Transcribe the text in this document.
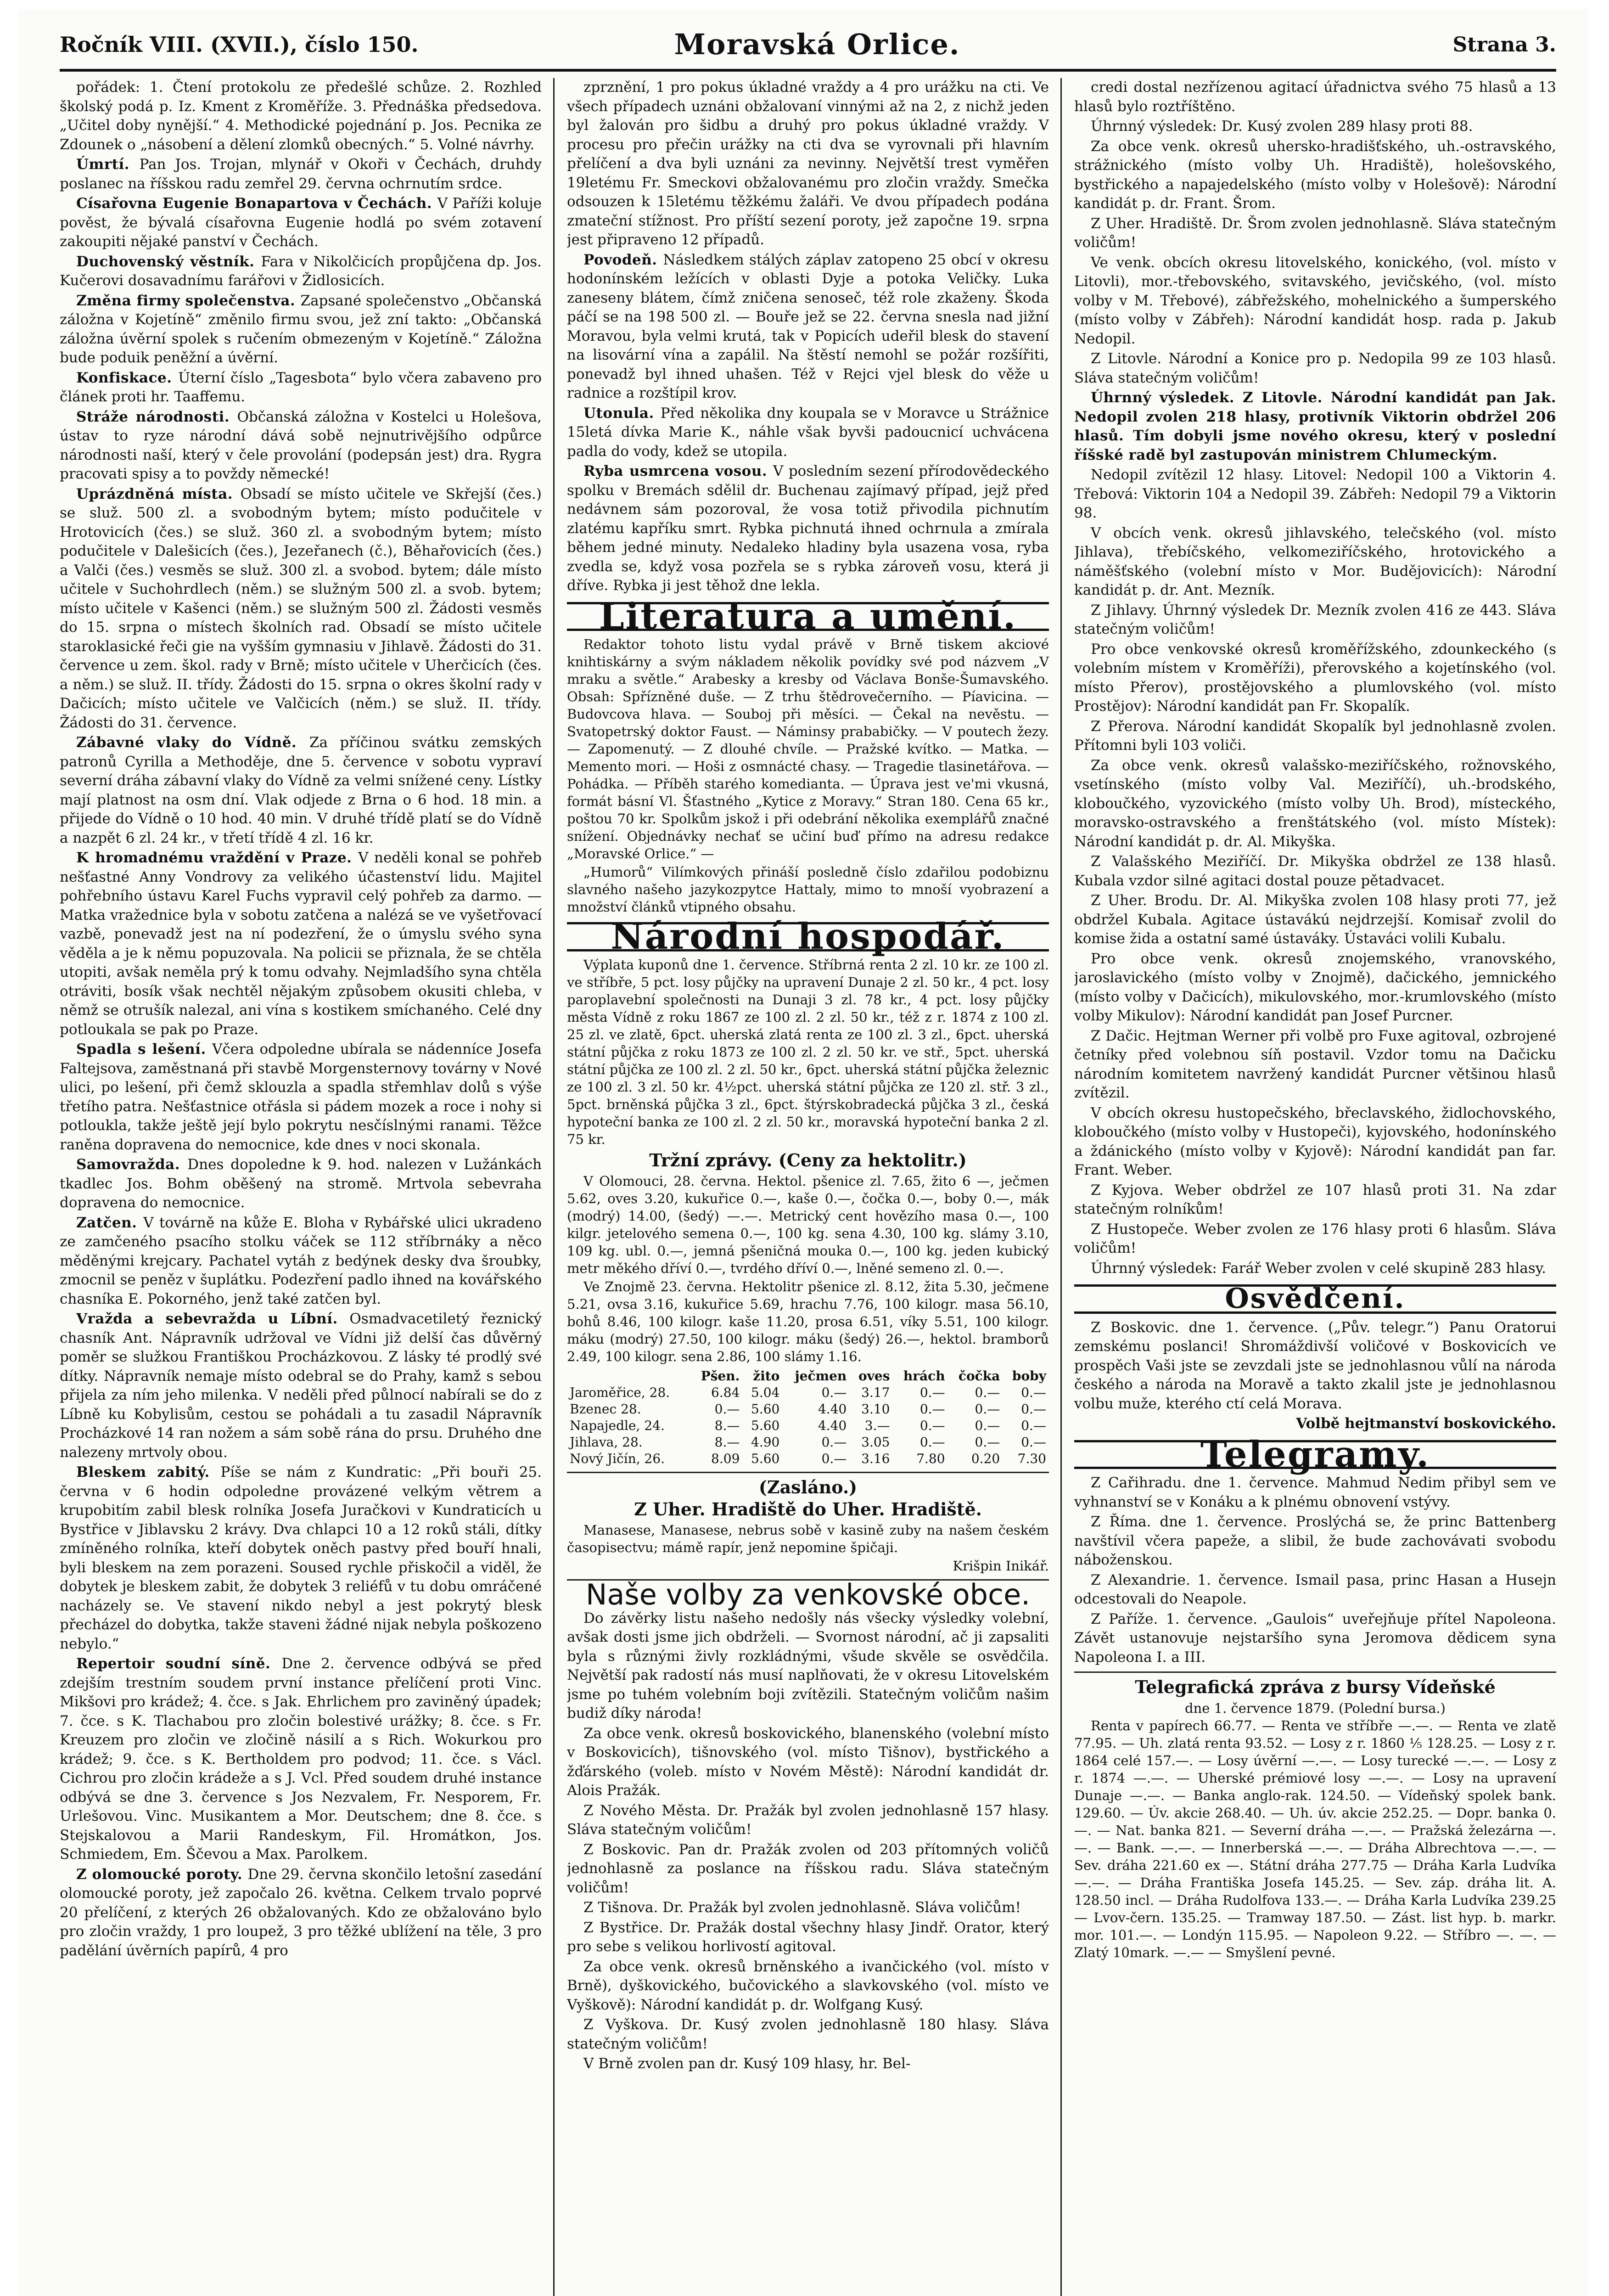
Ročník VIII. (XVII.), číslo 150.	Moravská Orlice.	Strana 3.

pořádek: 1. Čtení protokolu ze předešlé schůze. 2. Rozhled školský podá p. Iz. Kment z Kroměříže. 3. Přednáška předsedova. „Učitel doby nynější.“ 4. Methodické pojednání p. Jos. Pecnika ze Zdounek o „násobení a dělení zlomků obecných.“ 5. Volné návrhy.

Úmrtí. Pan Jos. Trojan, mlynář v Okoři v Čechách, druhdy poslanec na říšskou radu zemřel 29. června ochrnutím srdce.

Císařovna Eugenie Bonapartova v Čechách. V Paříži koluje pověst, že bývalá císařovna Eugenie hodlá po svém zotavení zakoupiti nějaké panství v Čechách.

Duchovenský věstník. Fara v Nikolčicích propůjčena dp. Jos. Kučerovi dosavadnímu farářovi v Židlosicích.

Změna firmy společenstva. Zapsané společenstvo „Občanská záložna v Kojetíně“ změnilo firmu svou, jež zní takto: „Občanská záložna úvěrní spolek s ručením obmezeným v Kojetíně.“ Záložna bude poduik peněžní a úvěrní.

Konfiskace. Úterní číslo „Tagesbota“ bylo včera zabaveno pro článek proti hr. Taaffemu.

Stráže národnosti. Občanská záložna v Kostelci u Holešova, ústav to ryze národní dává sobě nejnutrivějšího odpůrce národnosti naší, který v čele provolání (podepsán jest) dra. Rygra pracovati spisy a to povždy německé!

Uprázdněná místa. Obsadí se místo učitele ve Skřejší (čes.) se služ. 500 zl. a svobodným bytem; místo podučitele v Hrotovicích (čes.) se služ. 360 zl. a svobodným bytem; místo podučitele v Dalešicích (čes.), Jezeřanech (č.), Běhařovicích (čes.) a Valči (čes.) vesměs se služ. 300 zl. a svobod. bytem; dále místo učitele v Suchohrdlech (něm.) se služným 500 zl. a svob. bytem; místo učitele v Kašenci (něm.) se služným 500 zl. Žádosti vesměs do 15. srpna o místech školních rad. Obsadí se místo učitele staroklasické řeči gie na vyšším gymnasiu v Jihlavě. Žádosti do 31. července u zem. škol. rady v Brně; místo učitele v Uherčicích (čes. a něm.) se služ. II. třídy. Žádosti do 15. srpna o okres školní rady v Dačicích; místo učitele ve Valčicích (něm.) se služ. II. třídy. Žádosti do 31. července.

Zábavné vlaky do Vídně. Za příčinou svátku zemských patronů Cyrilla a Methoděje, dne 5. července v sobotu vypraví severní dráha zábavní vlaky do Vídně za velmi snížené ceny. Lístky mají platnost na osm dní. Vlak odjede z Brna o 6 hod. 18 min. a přijede do Vídně o 10 hod. 40 min. V druhé třídě platí se do Vídně a nazpět 6 zl. 24 kr., v třetí třídě 4 zl. 16 kr.

K hromadnému vraždění v Praze. V neděli konal se pohřeb nešťastné Anny Vondrovy za velikého účastenství lidu. Majitel pohřebního ústavu Karel Fuchs vypravil celý pohřeb za darmo. — Matka vražednice byla v sobotu zatčena a nalézá se ve vyšetřovací vazbě, ponevadž jest na ní podezření, že o úmyslu svého syna věděla a je k němu popuzovala. Na policii se přiznala, že se chtěla utopiti, avšak neměla prý k tomu odvahy. Nejmladšího syna chtěla otráviti, bosík však nechtěl nějakým způsobem okusiti chleba, v němž se otrušík nalezal, ani vína s kostikem smíchaného. Celé dny potloukala se pak po Praze.

Spadla s lešení. Včera odpoledne ubírala se nádenníce Josefa Faltejsova, zaměstnaná při stavbě Morgensternovy továrny v Nové ulici, po lešení, při čemž sklouzla a spadla střemhlav dolů s výše třetího patra. Nešťastnice otřásla si pádem mozek a roce i nohy si potloukla, takže ještě její bylo pokrytu nesčíslnými ranami. Těžce raněna dopravena do nemocnice, kde dnes v noci skonala.

Samovražda. Dnes dopoledne k 9. hod. nalezen v Lužánkách tkadlec Jos. Bohm oběšený na stromě. Mrtvola sebevraha dopravena do nemocnice.

Zatčen. V továrně na kůže E. Bloha v Rybářské ulici ukradeno ze zamčeného psacího stolku váček se 112 stříbrnáky a něco měděnými krejcary. Pachatel vytáh z bedýnek desky dva šroubky, zmocnil se peněz v šuplátku. Podezření padlo ihned na kovářského chasníka E. Pokorného, jenž také zatčen byl.

Vražda a sebevražda u Líbní. Osmadvacetiletý řeznický chasník Ant. Nápravník udržoval ve Vídni již delší čas důvěrný poměr se služkou Františkou Procházkovou. Z lásky té prodlý své dítky. Nápravník nemaje místo odebral se do Prahy, kamž s sebou přijela za ním jeho milenka. V neděli před půlnocí nabírali se do z Líbně ku Kobylisům, cestou se pohádali a tu zasadil Nápravník Procházkové 14 ran nožem a sám sobě rána do prsu. Druhého dne nalezeny mrtvoly obou.

Bleskem zabitý. Píše se nám z Kundratic: „Při bouři 25. června v 6 hodin odpoledne provázené velkým větrem a krupobitím zabil blesk rolníka Josefa Juračkovi v Kundraticích u Bystřice v Jiblavsku 2 krávy. Dva chlapci 10 a 12 roků stáli, dítky zmíněného rolníka, kteří dobytek oněch pastvy před bouří hnali, byli bleskem na zem porazeni. Soused rychle přiskočil a viděl, že dobytek je bleskem zabit, že dobytek 3 reliéfů v tu dobu omráčené nacházely se. Ve stavení nikdo nebyl a jest pokrytý blesk přecházel do dobytka, takže staveni žádné nijak nebyla poškozeno nebylo.“

Repertoir soudní síně. Dne 2. července odbývá se před zdejším trestním soudem první instance přelíčení proti Vinc. Mikšovi pro krádež; 4. čce. s Jak. Ehrlichem pro zaviněný úpadek; 7. čce. s K. Tlachabou pro zločin bolestivé urážky; 8. čce. s Fr. Kreuzem pro zločin ve zločině násilí a s Rich. Wokurkou pro krádež; 9. čce. s K. Bertholdem pro podvod; 11. čce. s Václ. Cichrou pro zločin krádeže a s J. Vcl. Před soudem druhé instance odbývá se dne 3. července s Jos Nezvalem, Fr. Nesporem, Fr. Urlešovou. Vinc. Musikantem a Mor. Deutschem; dne 8. čce. s Stejskalovou a Marii Randeskym, Fil. Hromátkon, Jos. Schmiedem, Em. Ščevou a Max. Parolkem.

Z olomoucké poroty. Dne 29. června skončilo letošní zasedání olomoucké poroty, jež započalo 26. května. Celkem trvalo poprvé 20 přelíčení, z kterých 26 obžalovaných. Kdo ze obžalováno bylo pro zločin vraždy, 1 pro loupež, 3 pro těžké ublížení na těle, 3 pro padělání úvěrních papírů, 4 pro

zprznění, 1 pro pokus úkladné vraždy a 4 pro urážku na cti. Ve všech případech uznáni obžalovaní vinnými až na 2, z nichž jeden byl žalován pro šidbu a druhý pro pokus úkladné vraždy. V procesu pro přečin urážky na cti dva se vyrovnali při hlavním přelíčení a dva byli uznáni za nevinny. Největší trest vyměřen 19letému Fr. Smeckovi obžalovanému pro zločin vraždy. Smečka odsouzen k 15letému těžkému žaláři. Ve dvou případech podána zmateční stížnost. Pro příští sezení poroty, jež započne 19. srpna jest připraveno 12 případů.

Povodeň. Následkem stálých záplav zatopeno 25 obcí v okresu hodonínském ležících v oblasti Dyje a potoka Veličky. Luka zaneseny blátem, čímž zničena senoseč, též role zkaženy. Škoda páčí se na 198 500 zl. — Bouře jež se 22. června snesla nad jižní Moravou, byla velmi krutá, tak v Popicích udeřil blesk do stavení na lisovární vína a zapálil. Na štěstí nemohl se požár rozšířiti, ponevadž byl ihned uhašen. Též v Rejci vjel blesk do věže u radnice a rozštípil krov.

Utonula. Před několika dny koupala se v Moravce u Strážnice 15letá dívka Marie K., náhle však byvši padoucnicí uchvácena padla do vody, kdež se utopila.

Ryba usmrcena vosou. V posledním sezení přírodovědeckého spolku v Bremách sdělil dr. Buchenau zajímavý případ, jejž před nedávnem sám pozoroval, že vosa totiž přivodila pichnutím zlatému kapříku smrt. Rybka pichnutá ihned ochrnula a zmírala během jedné minuty. Nedaleko hladiny byla usazena vosa, ryba zvedla se, když vosa pozřela se s rybka zároveň vosu, která ji dříve. Rybka ji jest těhož dne lekla.

Literatura a umění.

Redaktor tohoto listu vydal právě v Brně tiskem akciové knihtiskárny a svým nákladem několik povídky své pod názvem „V mraku a světle.“ Arabesky a kresby od Václava Bonše-Šumavského. Obsah: Spřízněné duše. — Z trhu štědrovečerního. — Píavicina. — Budovcova hlava. — Souboj při měsíci. — Čekal na nevěstu. — Svatopetrský doktor Faust. — Náminsy prababičky. — V poutech žezy. — Zapomenutý. — Z dlouhé chvíle. — Pražské kvítko. — Matka. — Memento mori. — Hoši z osmnácté chasy. — Tragedie tlasinetářova. — Pohádka. — Příběh starého komedianta. — Úprava jest ve'mi vkusná, formát básní Vl. Šťastného „Kytice z Moravy.“ Stran 180. Cena 65 kr., poštou 70 kr. Spolkům jskož i při odebrání několika exemplářů značné snížení. Objednávky nechať se učiní buď přímo na adresu redakce „Moravské Orlice.“ —

„Humorů“ Vilímkových přináší posledně číslo zdařilou podobiznu slavného našeho jazykozpytce Hattaly, mimo to mnoší vyobrazení a množství článků vtipného obsahu.

Národní hospodář.

Výplata kuponů dne 1. července. Stříbrná renta 2 zl. 10 kr. ze 100 zl. ve stříbře, 5 pct. losy půjčky na upravení Dunaje 2 zl. 50 kr., 4 pct. losy paroplavební společnosti na Dunaji 3 zl. 78 kr., 4 pct. losy půjčky města Vídně z roku 1867 ze 100 zl. 2 zl. 50 kr., též z r. 1874 z 100 zl. 25 zl. ve zlatě, 6pct. uherská zlatá renta ze 100 zl. 3 zl., 6pct. uherská státní půjčka z roku 1873 ze 100 zl. 2 zl. 50 kr. ve stř., 5pct. uherská státní půjčka ze 100 zl. 2 zl. 50 kr., 6pct. uherská státní půjčka železnic ze 100 zl. 3 zl. 50 kr. 4½pct. uherská státní půjčka ze 120 zl. stř. 3 zl., 5pct. brněnská půjčka 3 zl., 6pct. štýrskobradecká půjčka 3 zl., česká hypoteční banka ze 100 zl. 2 zl. 50 kr., moravská hypoteční banka 2 zl. 75 kr.

Tržní zprávy. (Ceny za hektolitr.)

V Olomouci, 28. června. Hektol. pšenice zl. 7.65, žito 6 —, ječmen 5.62, oves 3.20, kukuřice 0.—, kaše 0.—, čočka 0.—, boby 0.—, mák (modrý) 14.00, (šedý) —.—. Metrický cent hovězího masa 0.—, 100 kilgr. jetelového semena 0.—, 100 kg. sena 4.30, 100 kg. slámy 3.10, 109 kg. ubl. 0.—, jemná pšeničná mouka 0.—, 100 kg. jeden kubický metr měkého dříví 0.—, tvrdého dříví 0.—, lněné semeno zl. 0.—.

Ve Znojmě 23. června. Hektolitr pšenice zl. 8.12, žita 5.30, ječmene 5.21, ovsa 3.16, kukuřice 5.69, hrachu 7.76, 100 kilogr. masa 56.10, bohů 8.46, 100 kilogr. kaše 11.20, prosa 6.51, víky 5.51, 100 kilogr. máku (modrý) 27.50, 100 kilogr. máku (šedý) 26.—, hektol. bramborů 2.49, 100 kilogr. sena 2.86, 100 slámy 1.16.

	Pšen.	žito	ječmen	oves	hrách	čočka	boby
Jaroměřice, 28.	6.84	5.04	0.—	3.17	0.—	0.—	0.—
Bzenec 28.	0.—	5.60	4.40	3.10	0.—	0.—	0.—
Napajedle, 24.	8.—	5.60	4.40	3.—	0.—	0.—	0.—
Jihlava, 28.	8.—	4.90	0.—	3.05	0.—	0.—	0.—
Nový Jičín, 26.	8.09	5.60	0.—	3.16	7.80	0.20	7.30
(Zasláno.)
Z Uher. Hradiště do Uher. Hradiště.

Manasese, Manasese, nebrus sobě v kasině zuby na našem českém časopisectvu; mámě rapír, jenž nepomine špičaji.

Krišpin Inikář.

Naše volby za venkovské obce.

Do závěrky listu našeho nedošly nás všecky výsledky volební, avšak dosti jsme jich obdrželi. — Svornost národní, ač ji zapsaliti byla s různými živly rozkládnými, všude skvěle se osvědčila. Největší pak radostí nás musí naplňovati, že v okresu Litovelském jsme po tuhém volebním boji zvítězili. Statečným voličům našim budiž díky národa!

Za obce venk. okresů boskovického, blanenského (volební místo v Boskovicích), tišnovského (vol. místo Tišnov), bystřického a žďárského (voleb. místo v Novém Městě): Národní kandidát dr. Alois Pražák.

Z Nového Města. Dr. Pražák byl zvolen jednohlasně 157 hlasy. Sláva statečným voličům!

Z Boskovic. Pan dr. Pražák zvolen od 203 přítomných voličů jednohlasně za poslance na říšskou radu. Sláva statečným voličům!

Z Tišnova. Dr. Pražák byl zvolen jednohlasně. Sláva voličům!

Z Bystřice. Dr. Pražák dostal všechny hlasy Jindř. Orator, který pro sebe s velikou horlivostí agitoval.

Za obce venk. okresů brněnského a ivančického (vol. místo v Brně), dyškovického, bučovického a slavkovského (vol. místo ve Vyškově): Národní kandidát p. dr. Wolfgang Kusý.

Z Vyškova. Dr. Kusý zvolen jednohlasně 180 hlasy. Sláva statečným voličům!

V Brně zvolen pan dr. Kusý 109 hlasy, hr. Bel-

credi dostal nezřízenou agitací úřadnictva svého 75 hlasů a 13 hlasů bylo roztříštěno.

Úhrnný výsledek: Dr. Kusý zvolen 289 hlasy proti 88.

Za obce venk. okresů uhersko-hradišťského, uh.-ostravského, strážnického (místo volby Uh. Hradiště), holešovského, bystřického a napajedelského (místo volby v Holešově): Národní kandidát p. dr. Frant. Šrom.

Z Uher. Hradiště. Dr. Šrom zvolen jednohlasně. Sláva statečným voličům!

Ve venk. obcích okresu litovelského, konického, (vol. místo v Litovli), mor.-třebovského, svitavského, jevičského, (vol. místo volby v M. Třebové), zábřežského, mohelnického a šumperského (místo volby v Zábřeh): Národní kandidát hosp. rada p. Jakub Nedopil.

Z Litovle. Národní a Konice pro p. Nedopila 99 ze 103 hlasů. Sláva statečným voličům!

Úhrnný výsledek. Z Litovle. Národní kandidát pan Jak. Nedopil zvolen 218 hlasy, protivník Viktorin obdržel 206 hlasů. Tím dobyli jsme nového okresu, který v poslední říšské radě byl zastupován ministrem Chlumeckým.

Nedopil zvítězil 12 hlasy. Litovel: Nedopil 100 a Viktorin 4. Třebová: Viktorin 104 a Nedopil 39. Zábřeh: Nedopil 79 a Viktorin 98.

V obcích venk. okresů jihlavského, telečského (vol. místo Jihlava), třebíčského, velkomeziříčského, hrotovického a náměšťského (volební místo v Mor. Budějovicích): Národní kandidát p. dr. Ant. Mezník.

Z Jihlavy. Úhrnný výsledek Dr. Mezník zvolen 416 ze 443. Sláva statečným voličům!

Pro obce venkovské okresů kroměřížského, zdounkeckého (s volebním místem v Kroměříži), přerovského a kojetínského (vol. místo Přerov), prostějovského a plumlovského (vol. místo Prostějov): Národní kandidát pan Fr. Skopalík.

Z Přerova. Národní kandidát Skopalík byl jednohlasně zvolen. Přítomni byli 103 voliči.

Za obce venk. okresů valašsko-meziříčského, rožnovského, vsetínského (místo volby Val. Meziříčí), uh.-brodského, kloboučkého, vyzovického (místo volby Uh. Brod), místeckého, moravsko-ostravského a frenštátského (vol. místo Místek): Národní kandidát p. dr. Al. Mikyška.

Z Valašského Meziříčí. Dr. Mikyška obdržel ze 138 hlasů. Kubala vzdor silné agitaci dostal pouze pětadvacet.

Z Uher. Brodu. Dr. Al. Mikyška zvolen 108 hlasy proti 77, jež obdržel Kubala. Agitace ústavákú nejdrzejší. Komisař zvolil do komise žida a ostatní samé ústaváky. Ústaváci volili Kubalu.

Pro obce venk. okresů znojemského, vranovského, jaroslavického (místo volby v Znojmě), dačického, jemnického (místo volby v Dačicích), mikulovského, mor.-krumlovského (místo volby Mikulov): Národní kandidát pan Josef Purcner.

Z Dačic. Hejtman Werner při volbě pro Fuxe agitoval, ozbrojené četníky před volebnou síň postavil. Vzdor tomu na Dačicku národním komitetem navržený kandidát Purcner většinou hlasů zvítězil.

V obcích okresu hustopečského, břeclavského, židlochovského, kloboučkého (místo volby v Hustopeči), kyjovského, hodonínského a ždánického (místo volby v Kyjově): Národní kandidát pan far. Frant. Weber.

Z Kyjova. Weber obdržel ze 107 hlasů proti 31. Na zdar statečným rolníkům!

Z Hustopeče. Weber zvolen ze 176 hlasy proti 6 hlasům. Sláva voličům!

Úhrnný výsledek: Farář Weber zvolen v celé skupině 283 hlasy.

Osvědčení.

Z Boskovic. dne 1. července. („Pův. telegr.“) Panu Oratorui zemskému poslanci! Shromáždivší voličové v Boskovicích ve prospěch Vaši jste se zevzdali jste se jednohlasnou vůlí na národa českého a národa na Moravě a takto zkalil jste je jednohlasnou volbu muže, kterého ctí celá Morava.

Volbě hejtmanství boskovického.

Telegramy.

Z Cařihradu. dne 1. července. Mahmud Nedim přibyl sem ve vyhnanství se v Konáku a k plnému obnovení vstývy.

Z Říma. dne 1. července. Proslýchá se, že princ Battenberg navštívil včera papeže, a slibil, že bude zachovávati svobodu náboženskou.

Z Alexandrie. 1. července. Ismail pasa, princ Hasan a Husejn odcestovali do Neapole.

Z Paříže. 1. července. „Gaulois“ uveřejňuje přítel Napoleona. Závět ustanovuje nejstaršího syna Jeromova dědicem syna Napoleona I. a III.

Telegrafická zpráva z bursy Vídeňské
dne 1. července 1879. (Polední bursa.)

Renta v papírech 66.77. — Renta ve stříbře —.—. — Renta ve zlatě 77.95. — Uh. zlatá renta 93.52. — Losy z r. 1860 ⅕ 128.25. — Losy z r. 1864 celé 157.—. — Losy úvěrní —.—. — Losy turecké —.—. — Losy z r. 1874 —.—. — Uherské prémiové losy —.—. — Losy na upravení Dunaje —.—. — Banka anglo-rak. 124.50. — Vídeňský spolek bank. 129.60. — Úv. akcie 268.40. — Uh. úv. akcie 252.25. — Dopr. banka 0.—. — Nat. banka 821. — Severní dráha —.—. — Pražská železárna —.—. — Bank. —.—. — Innerberská —.—. — Dráha Albrechtova —.—. — Sev. dráha 221.60 ex —. Státní dráha 277.75 — Dráha Karla Ludvíka —.—. — Dráha Františka Josefa 145.25. — Sev. záp. dráha lit. A. 128.50 incl. — Dráha Rudolfova 133.—. — Dráha Karla Ludvíka 239.25 — Lvov-čern. 135.25. — Tramway 187.50. — Zást. list hyp. b. markr. mor. 101.—. — Londýn 115.95. — Napoleon 9.22. — Stříbro —. —. — Zlatý 10mark. —.— — Smyšlení pevné.
